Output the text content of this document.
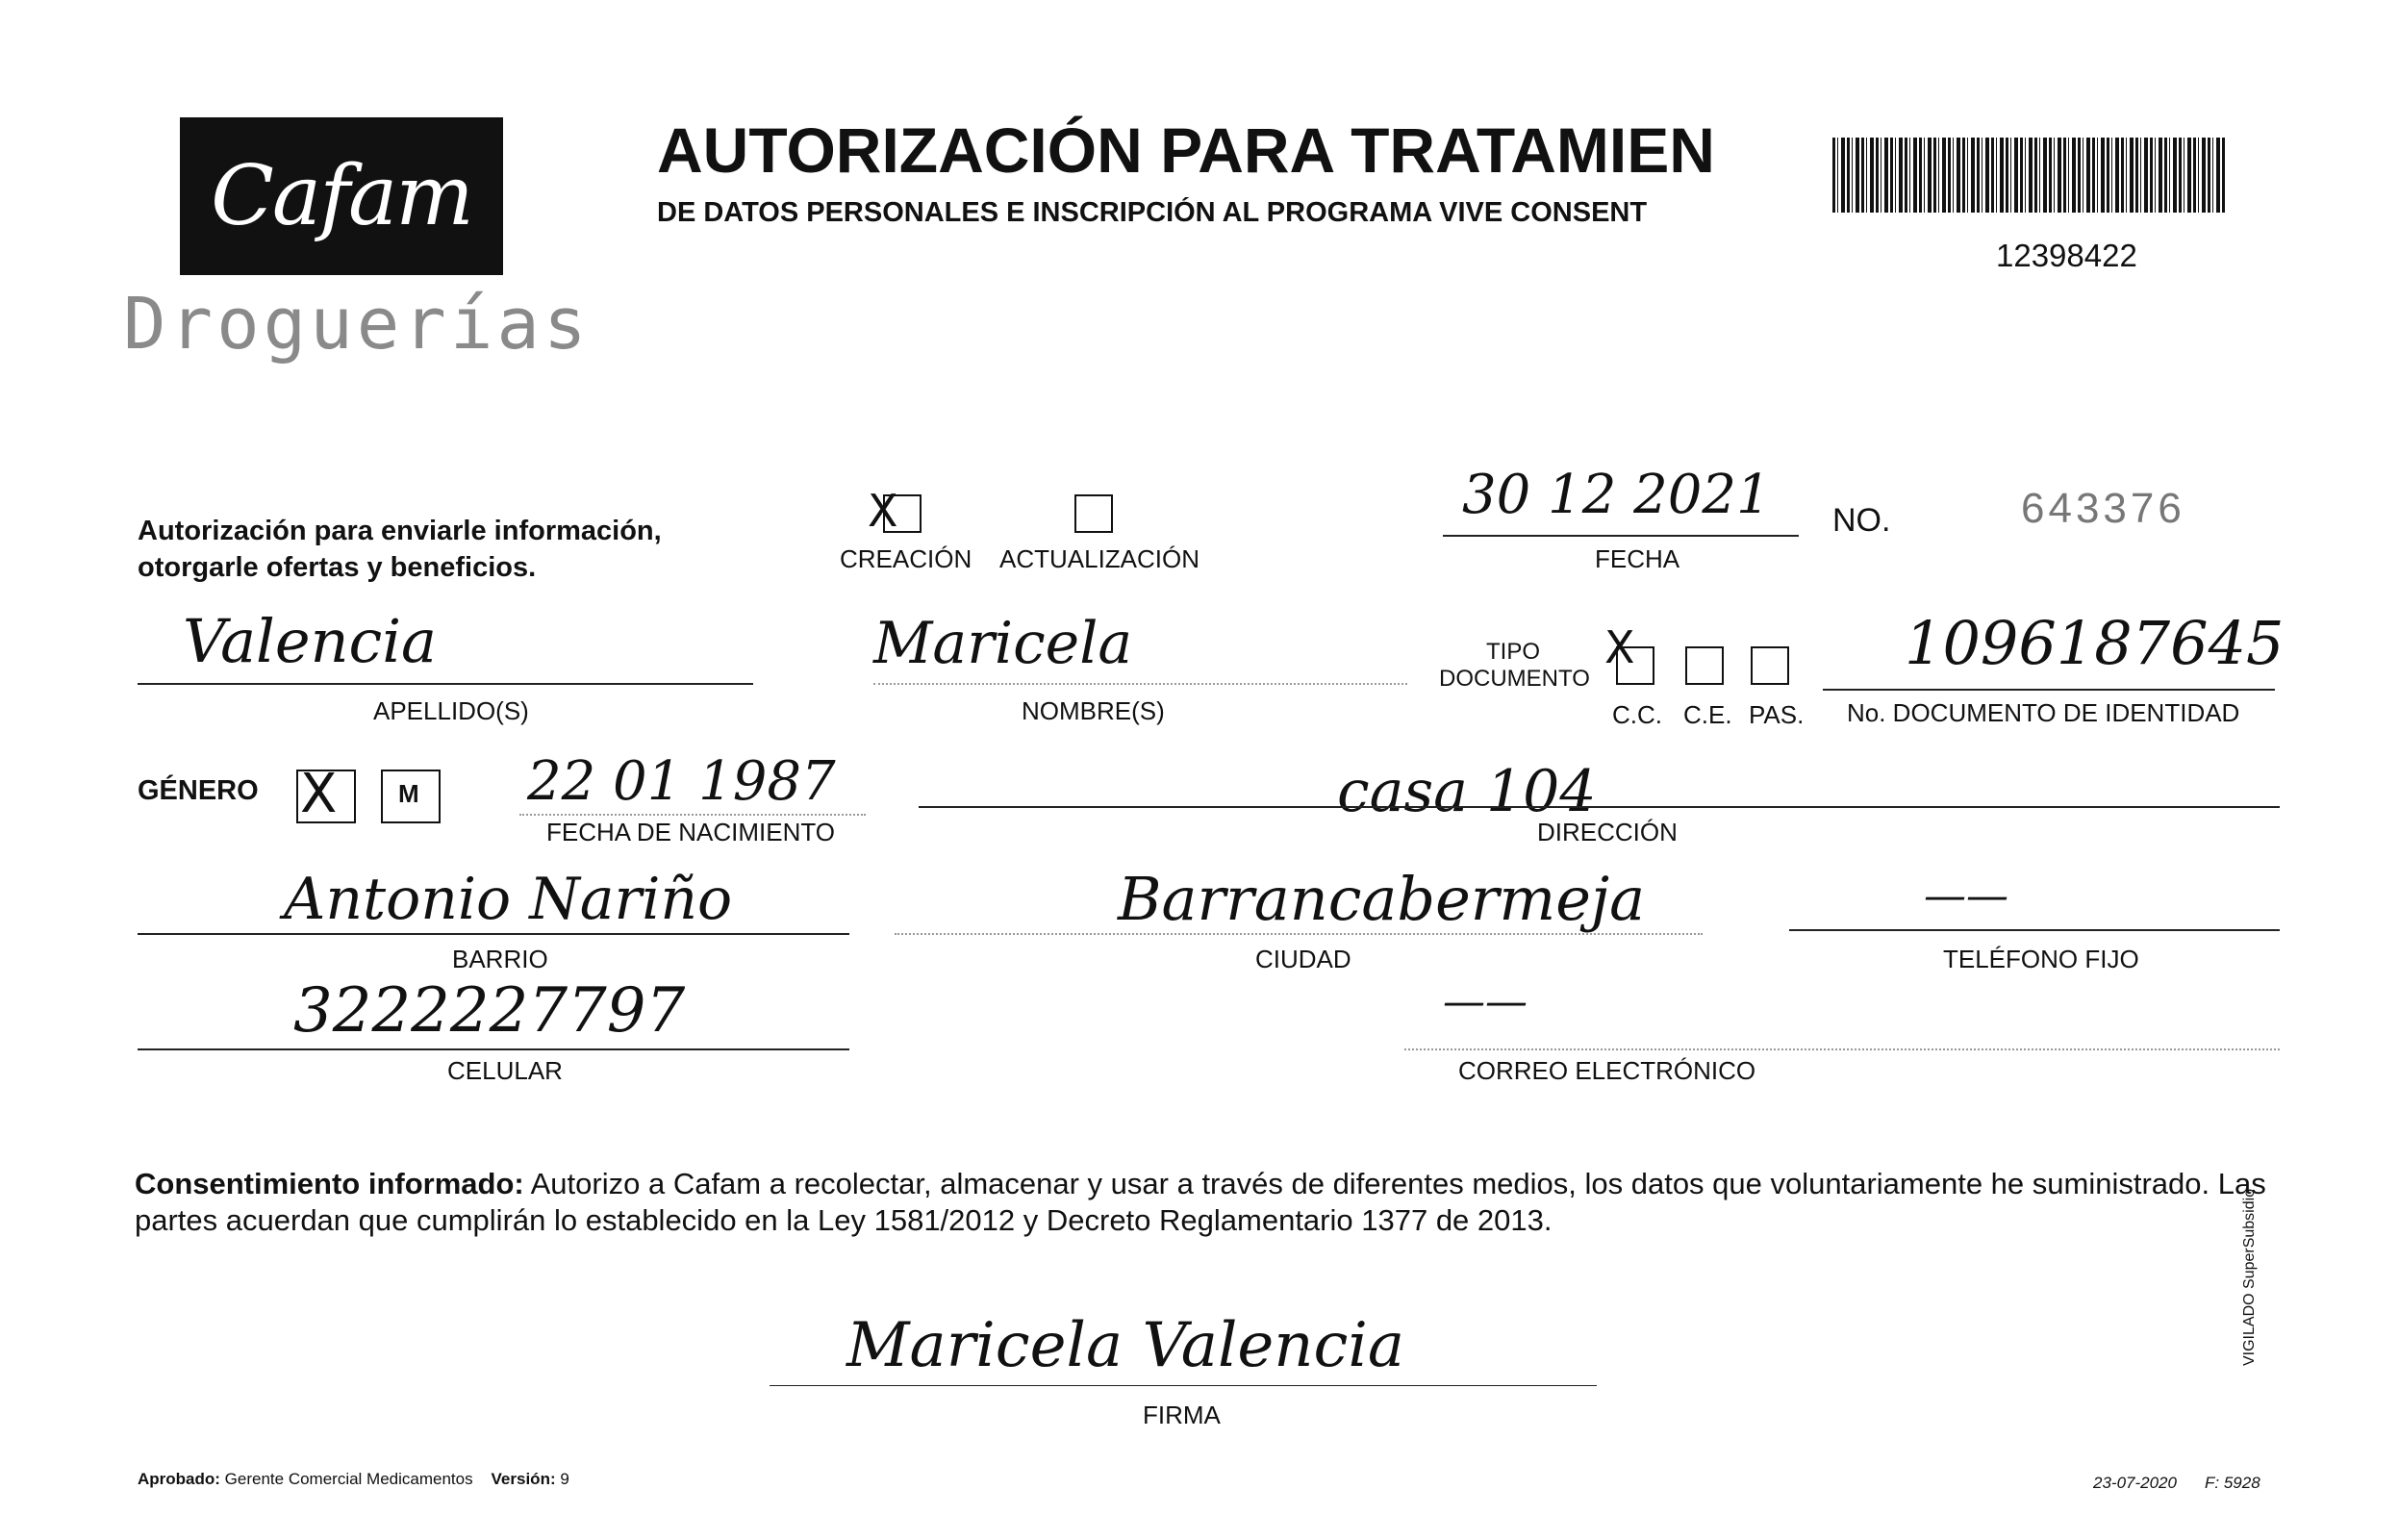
Cafam
Droguerías
AUTORIZACIÓN PARA TRATAMIEN
DE DATOS PERSONALES E INSCRIPCIÓN AL PROGRAMA VIVE CONSENT
12398422
Autorización para enviarle información,
otorgarle ofertas y beneficios.
X
CREACIÓN ACTUALIZACIÓN
30 12 2021
FECHA
NO.	643376
Valencia
APELLIDO(S)
Maricela
NOMBRE(S)
TIPO
DOCUMENTO
X
C.C. C.E. PAS.
1096187645
No. DOCUMENTO DE IDENTIDAD
GÉNERO X M 22 01 1987
FECHA DE NACIMIENTO
casa 104
DIRECCIÓN
Antonio Nariño
BARRIO
Barrancabermeja
CIUDAD
——
TELÉFONO FIJO
3222227797
CELULAR
——
CORREO ELECTRÓNICO
Consentimiento informado: Autorizo a Cafam a recolectar, almacenar y usar a través de diferentes medios, los datos que voluntariamente he suministrado. Las partes acuerdan que cumplirán lo establecido en la Ley 1581/2012 y Decreto Reglamentario 1377 de 2013.
Maricela Valencia
FIRMA
Aprobado: Gerente Comercial Medicamentos Versión: 9	23-07-2020 F: 5928
VIGILADO SuperSubsidio
